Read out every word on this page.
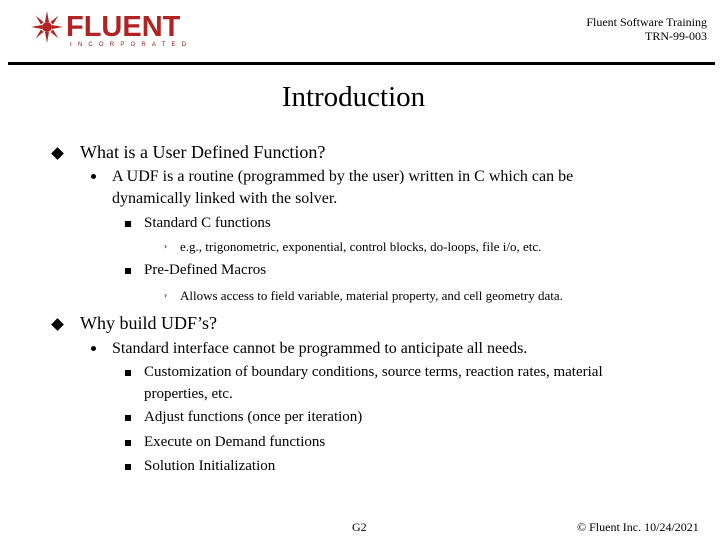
FLUENT
INCORPORATED
Fluent Software Training
TRN-99-003
Introduction
What is a User Defined Function?
A UDF is a routine (programmed by the user) written in C which can be
dynamically linked with the solver.
Standard C functions
› e.g., trigonometric, exponential, control blocks, do-loops, file i/o, etc.
Pre-Defined Macros
› Allows access to field variable, material property, and cell geometry data.
Why build UDF’s?
Standard interface cannot be programmed to anticipate all needs.
Customization of boundary conditions, source terms, reaction rates, material
properties, etc.
Adjust functions (once per iteration)
Execute on Demand functions
Solution Initialization
G2	© Fluent Inc. 10/24/2021
